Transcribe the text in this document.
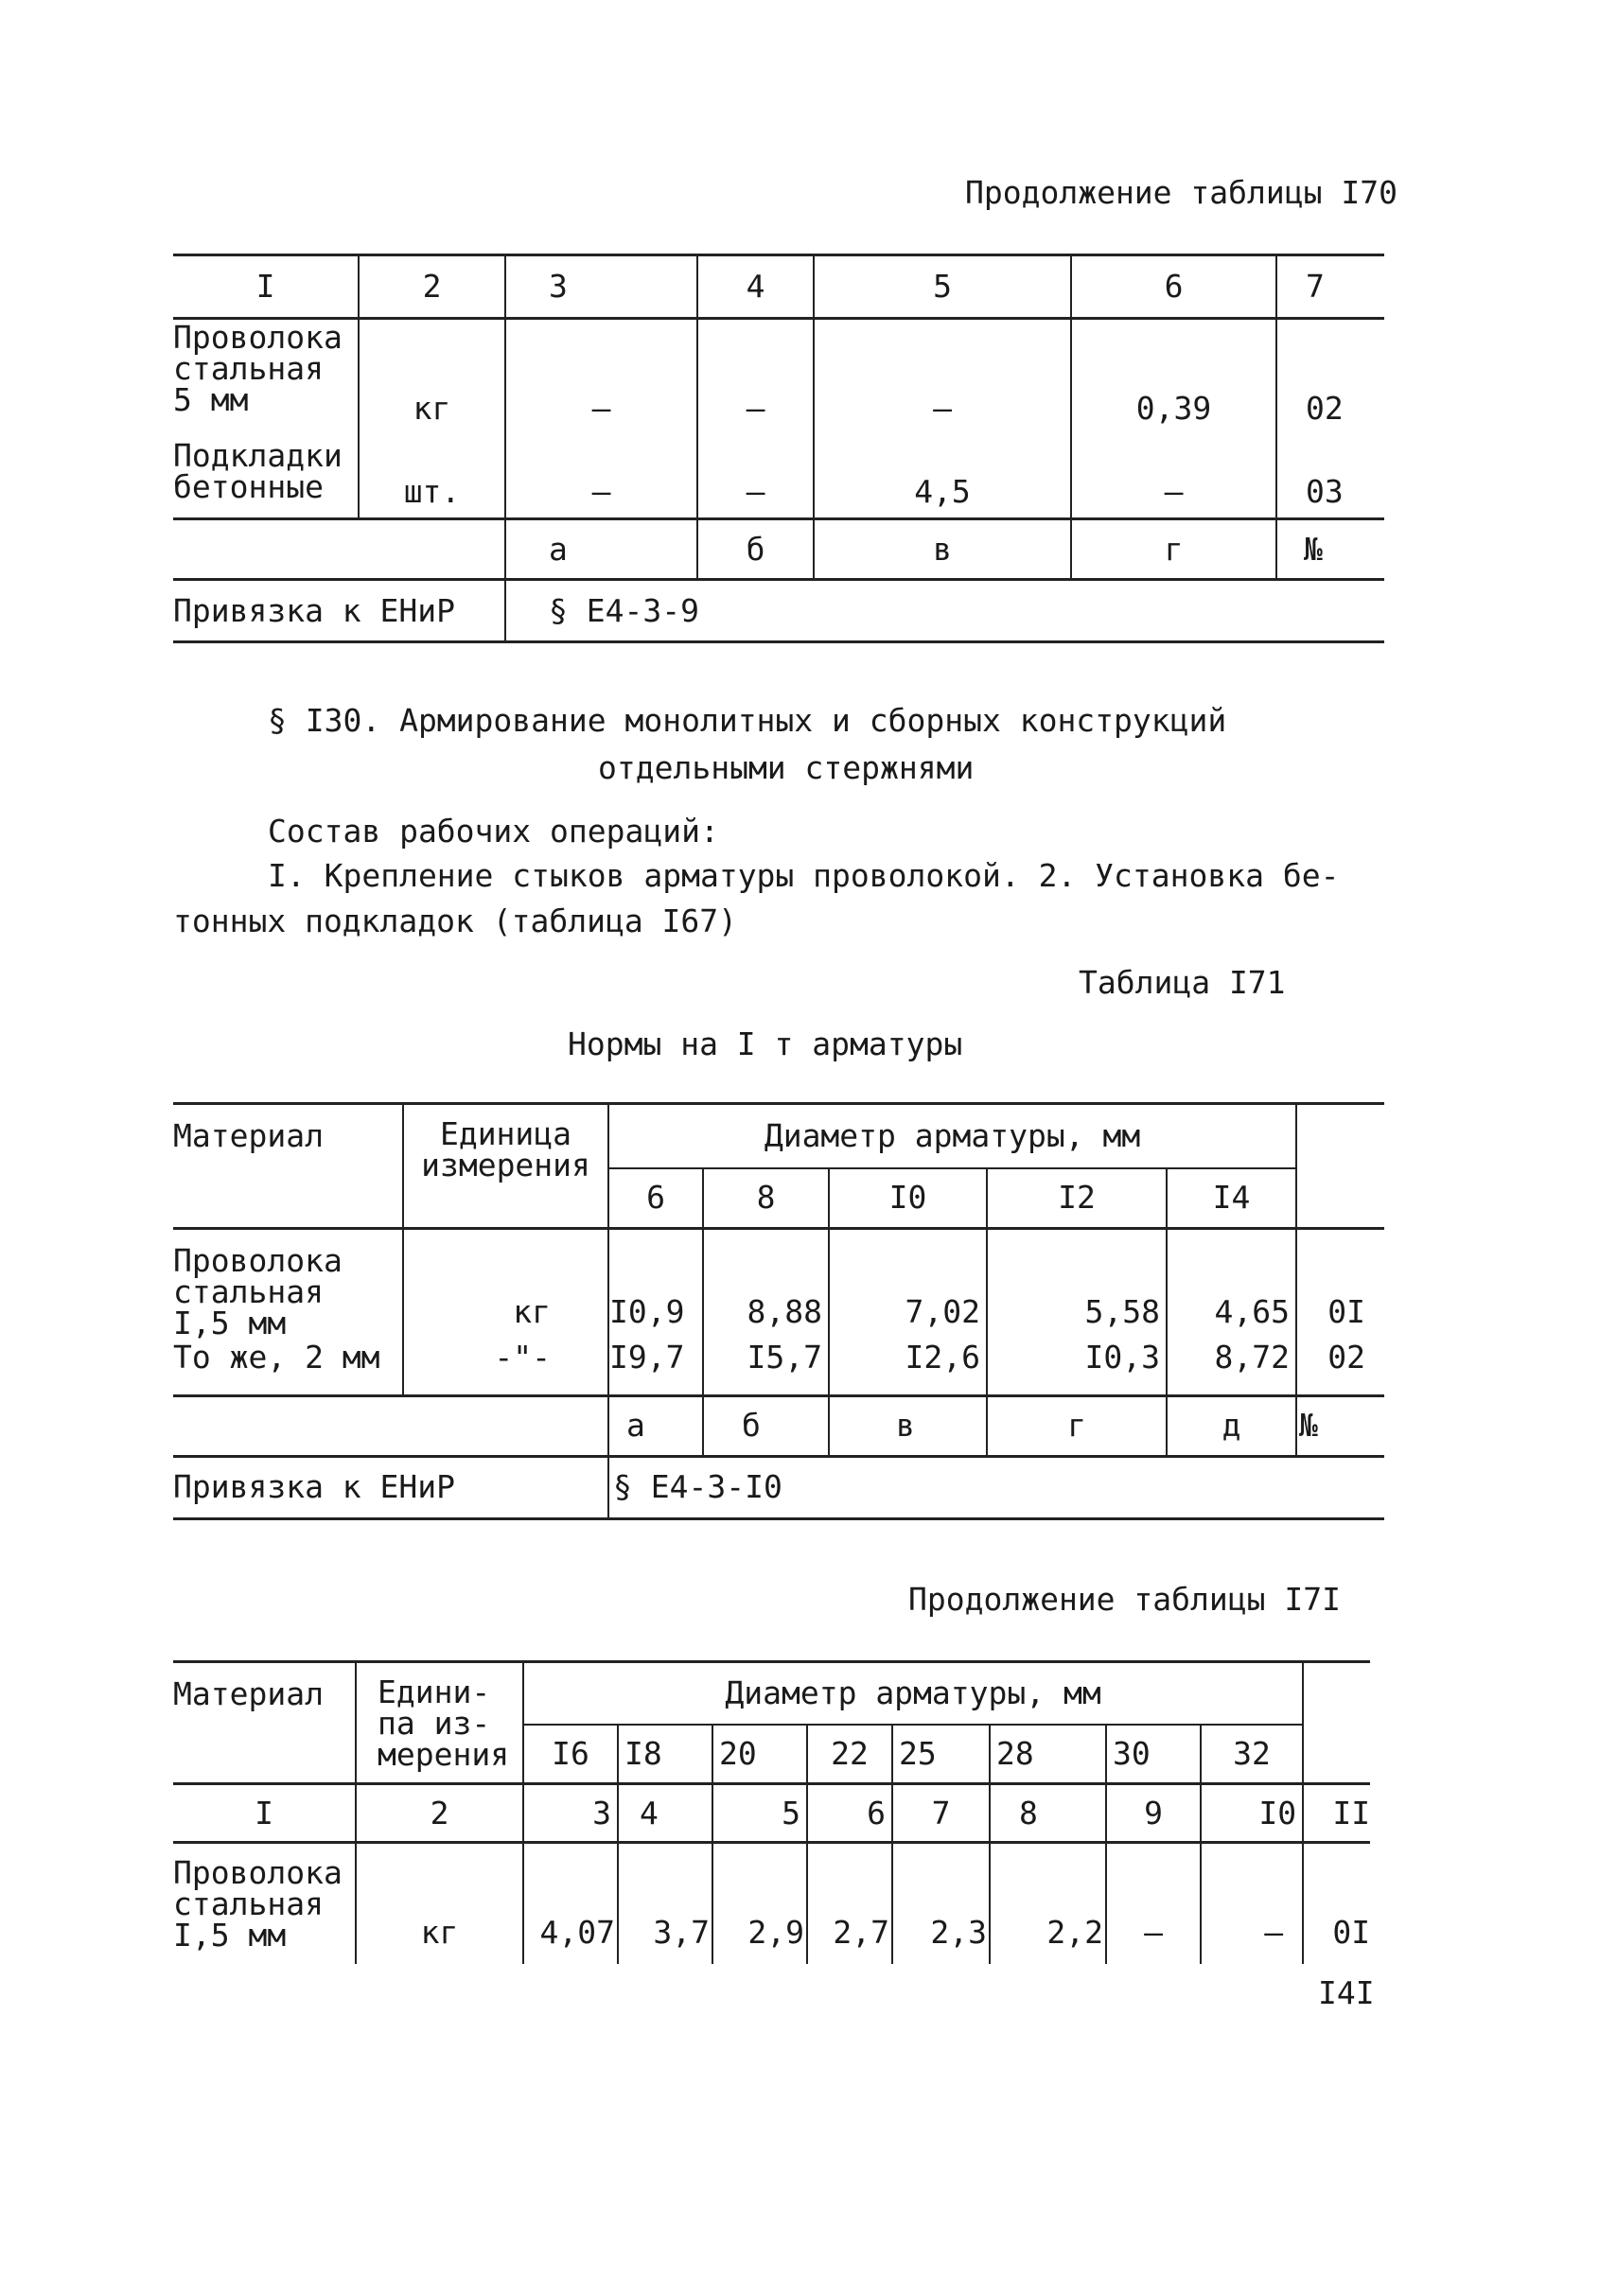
Продолжение таблицы I70
I	2	3	4	5	6	7

Проволока
стальная
5 мм	кг	–	–	–	0,39	02

Подкладки
бетонные	шт.	–	–	4,5	–	03
		а	б	в	г	№
Привязка к ЕНиР		§ Е4-3-9				
§ I30. Армирование монолитных и сборных конструкций
отдельными стержнями
Состав рабочих операций:
I. Крепление стыков арматуры проволокой. 2. Установка бе-
тонных подкладок (таблица I67)
Таблица I71
Нормы на I т арматуры
Материал	Единица
измерения	Диаметр арматуры, мм					
		6	8	I0	I2	I4	

Проволока
стальная
I,5 мм	кг	I0,9	8,88	7,02	5,58	4,65	0I
То же, 2 мм	-"-	I9,7	I5,7	I2,6	I0,3	8,72	02
		а	б	в	г	д	№
Привязка к ЕНиР		§ Е4-3-I0					
Продолжение таблицы I7I
Материал	Едини-
па из-
мерения	Диаметр арматуры, мм								
		I6	I8	20	22	25	28	30	32	
I	2	3	4	5	6	7	8	9	I0	II

Проволока
стальная
I,5 мм	кг	4,07	3,7	2,9	2,7	2,3	2,2	–	–	0I
I4I
